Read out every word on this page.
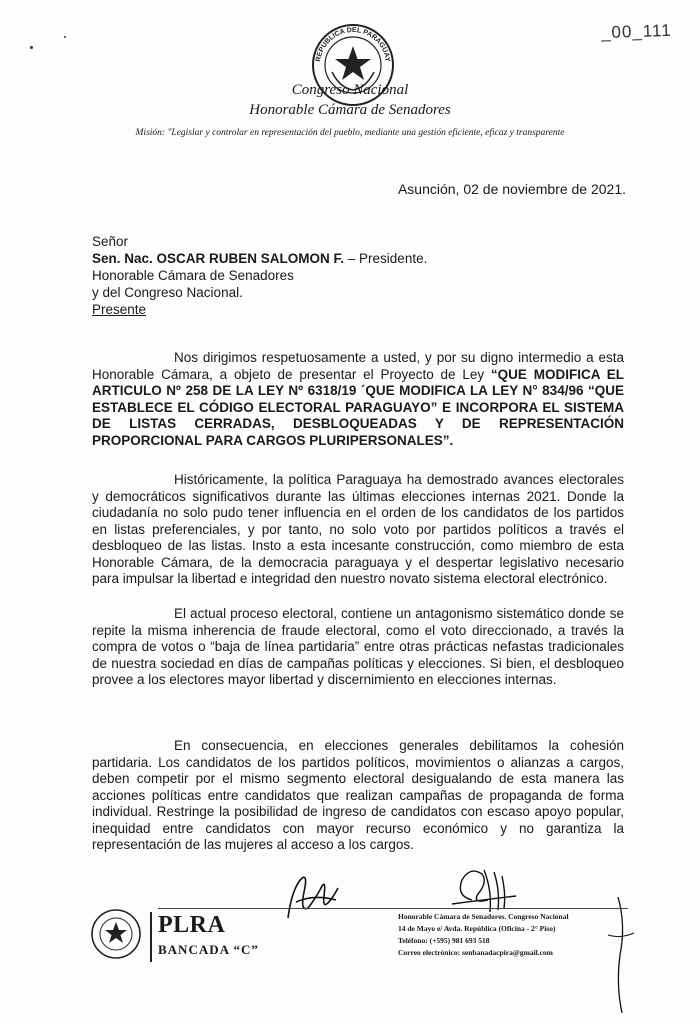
_00_111
REPUBLICA DEL PARAGUAY
Congreso Nacional
Honorable Cámara de Senadores
Misión: "Legislar y controlar en representación del pueblo, mediante una gestión eficiente, eficaz y transparente
Asunción, 02 de noviembre de 2021.
Señor
Sen. Nac. OSCAR RUBEN SALOMON F. – Presidente.
Honorable Cámara de Senadores
y del Congreso Nacional.
Presente
Nos dirigimos respetuosamente a usted, y por su digno intermedio a esta Honorable Cámara, a objeto de presentar el Proyecto de Ley “QUE MODIFICA EL ARTICULO Nº 258 DE LA LEY Nº 6318/19 ´QUE MODIFICA LA LEY N° 834/96 “QUE ESTABLECE EL CÓDIGO ELECTORAL PARAGUAYO” E INCORPORA EL SISTEMA DE LISTAS CERRADAS, DESBLOQUEADAS Y DE REPRESENTACIÓN PROPORCIONAL PARA CARGOS PLURIPERSONALES”.
Históricamente, la política Paraguaya ha demostrado avances electorales y democráticos significativos durante las últimas elecciones internas 2021. Donde la ciudadanía no solo pudo tener influencia en el orden de los candidatos de los partidos en listas preferenciales, y por tanto, no solo voto por partidos políticos a través el desbloqueo de las listas. Insto a esta incesante construcción, como miembro de esta Honorable Cámara, de la democracia paraguaya y el despertar legislativo necesario para impulsar la libertad e integridad den nuestro novato sistema electoral electrónico.
El actual proceso electoral, contiene un antagonismo sistemático donde se repite la misma inherencia de fraude electoral, como el voto direccionado, a través la compra de votos o “baja de línea partidaria” entre otras prácticas nefastas tradicionales de nuestra sociedad en días de campañas políticas y elecciones. Si bien, el desbloqueo provee a los electores mayor libertad y discernimiento en elecciones internas.
En consecuencia, en elecciones generales debilitamos la cohesión partidaria. Los candidatos de los partidos políticos, movimientos o alianzas a cargos, deben competir por el mismo segmento electoral desigualando de esta manera las acciones políticas entre candidatos que realizan campañas de propaganda de forma individual. Restringe la posibilidad de ingreso de candidatos con escaso apoyo popular, inequidad entre candidatos con mayor recurso económico y no garantiza la representación de las mujeres al acceso a los cargos.
PLRA
BANCADA “C”
Honorable Cámara de Senadores. Congreso Nacional
14 de Mayo e/ Avda. República (Oficina - 2° Piso)
Teléfono: (+595) 981 693 518
Correo electrónico: senbanadacpira@gmail.com
